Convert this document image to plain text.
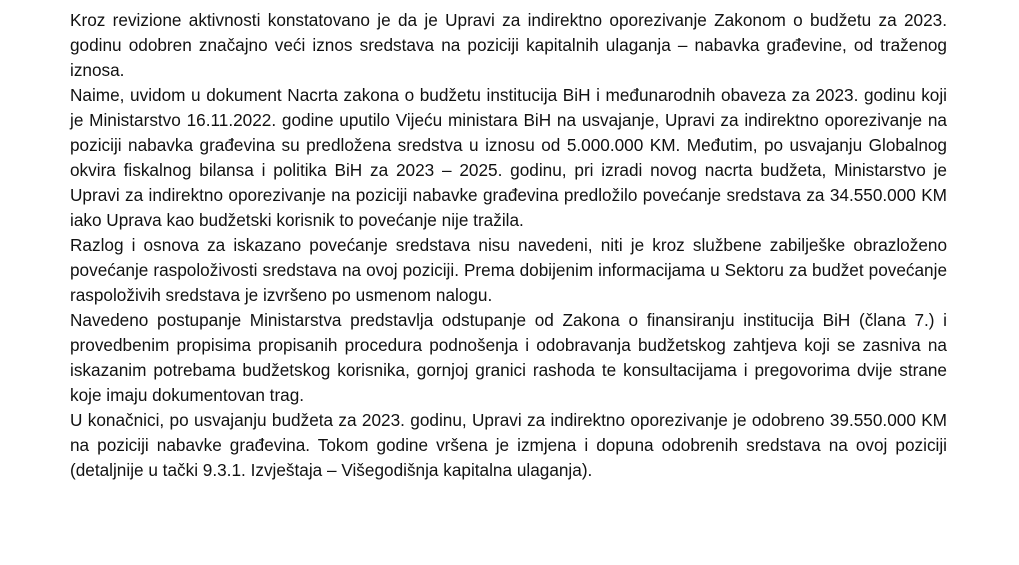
Kroz revizione aktivnosti konstatovano je da je Upravi za indirektno oporezivanje Zakonom o budžetu za 2023. godinu odobren značajno veći iznos sredstava na poziciji kapitalnih ulaganja – nabavka građevine, od traženog iznosa.

Naime, uvidom u dokument Nacrta zakona o budžetu institucija BiH i međunarodnih obaveza za 2023. godinu koji je Ministarstvo 16.11.2022. godine uputilo Vijeću ministara BiH na usvajanje, Upravi za indirektno oporezivanje na poziciji nabavka građevina su predložena sredstva u iznosu od 5.000.000 KM. Međutim, po usvajanju Globalnog okvira fiskalnog bilansa i politika BiH za 2023 – 2025. godinu, pri izradi novog nacrta budžeta, Ministarstvo je Upravi za indirektno oporezivanje na poziciji nabavke građevina predložilo povećanje sredstava za 34.550.000 KM iako Uprava kao budžetski korisnik to povećanje nije tražila.

Razlog i osnova za iskazano povećanje sredstava nisu navedeni, niti je kroz službene zabilješke obrazloženo povećanje raspoloživosti sredstava na ovoj poziciji. Prema dobijenim informacijama u Sektoru za budžet povećanje raspoloživih sredstava je izvršeno po usmenom nalogu.

Navedeno postupanje Ministarstva predstavlja odstupanje od Zakona o finansiranju institucija BiH (člana 7.) i provedbenim propisima propisanih procedura podnošenja i odobravanja budžetskog zahtjeva koji se zasniva na iskazanim potrebama budžetskog korisnika, gornjoj granici rashoda te konsultacijama i pregovorima dvije strane koje imaju dokumentovan trag.

U konačnici, po usvajanju budžeta za 2023. godinu, Upravi za indirektno oporezivanje je odobreno 39.550.000 KM na poziciji nabavke građevina. Tokom godine vršena je izmjena i dopuna odobrenih sredstava na ovoj poziciji (detaljnije u tački 9.3.1. Izvještaja – Višegodišnja kapitalna ulaganja).
